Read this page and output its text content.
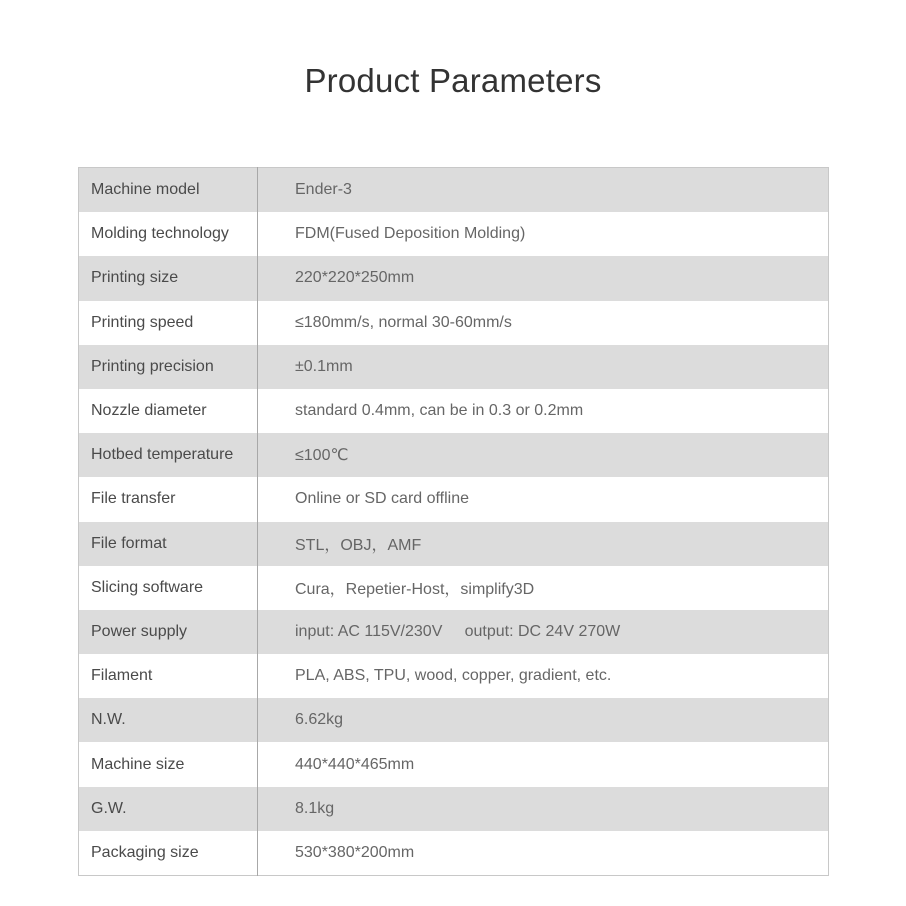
Product Parameters
Machine model	Ender-3
Molding technology	FDM(Fused Deposition Molding)
Printing size	220*220*250mm
Printing speed	≤180mm/s, normal 30-60mm/s
Printing precision	±0.1mm
Nozzle diameter	standard 0.4mm, can be in 0.3 or 0.2mm
Hotbed temperature	≤100℃
File transfer	Online or SD card offline
File format	STL，OBJ，AMF
Slicing software	Cura，Repetier-Host，simplify3D
Power supply	input: AC 115V/230V     output: DC 24V 270W
Filament	PLA, ABS, TPU, wood, copper, gradient, etc.
N.W.	6.62kg
Machine size	440*440*465mm
G.W.	8.1kg
Packaging size	530*380*200mm
